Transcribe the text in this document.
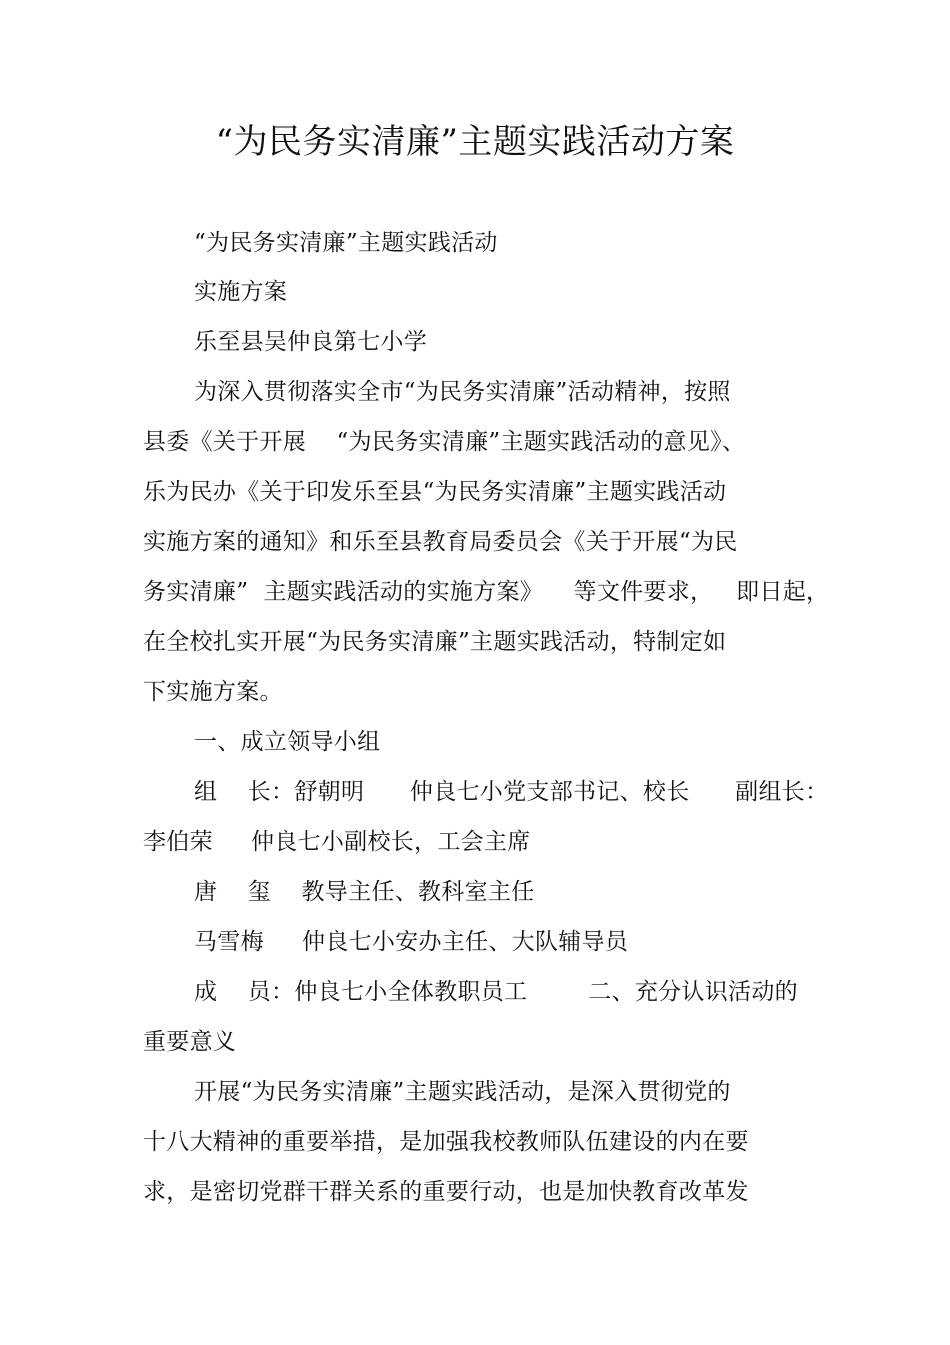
“为民务实清廉”主题实践活动方案
“为民务实清廉”主题实践活动
实施方案
乐至县吴仲良第七小学
为深入贯彻落实全市“为民务实清廉”活动精神，按照
县委《关于开展    “为民务实清廉”主题实践活动的意见》、
乐为民办《关于印发乐至县“为民务实清廉”主题实践活动
实施方案的通知》和乐至县教育局委员会《关于开展“为民
务实清廉”  主题实践活动的实施方案》    等文件要求，   即日起，
在全校扎实开展“为民务实清廉”主题实践活动，特制定如
下实施方案。
一、成立领导小组
组    长：舒朝明      仲良七小党支部书记、校长      副组长：
李伯荣     仲良七小副校长，工会主席
唐    玺    教导主任、教科室主任
马雪梅     仲良七小安办主任、大队辅导员
成    员：仲良七小全体教职员工        二、充分认识活动的
重要意义
开展“为民务实清廉”主题实践活动，是深入贯彻党的
十八大精神的重要举措，是加强我校教师队伍建设的内在要
求，是密切党群干群关系的重要行动，也是加快教育改革发
